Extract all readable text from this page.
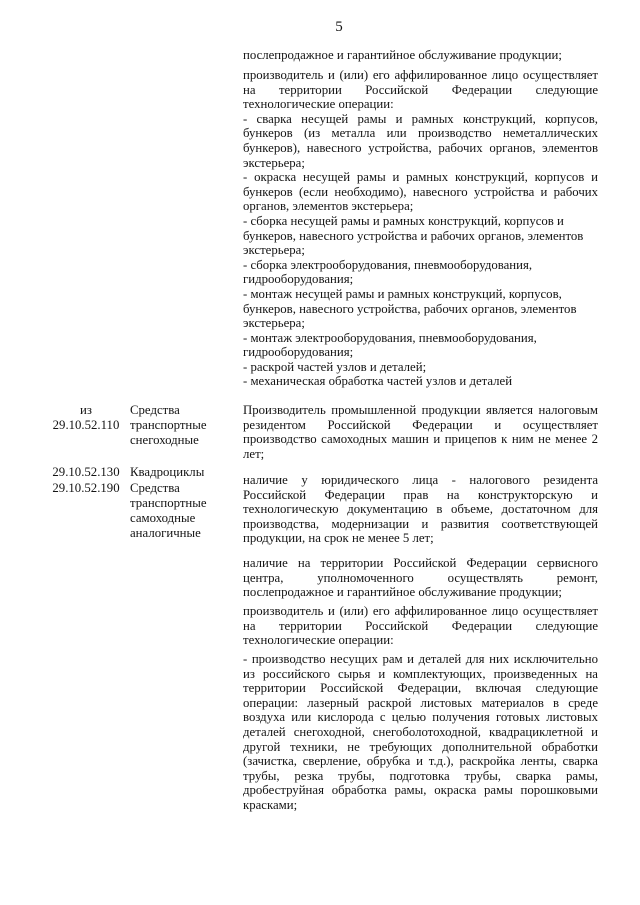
5
послепродажное и гарантийное обслуживание продукции;
производитель и (или) его аффилированное лицо осуществляет
на территории Российской Федерации следующие
технологические операции:
- сварка несущей рамы и рамных конструкций, корпусов,
бункеров (из металла или производство неметаллических
бункеров), навесного устройства, рабочих органов, элементов
экстерьера;
- окраска несущей рамы и рамных конструкций, корпусов и
бункеров (если необходимо), навесного устройства и рабочих
органов, элементов экстерьера;
- сборка несущей рамы и рамных конструкций, корпусов и
бункеров, навесного устройства и рабочих органов, элементов
экстерьера;
- сборка электрооборудования, пневмооборудования,
гидрооборудования;
- монтаж несущей рамы и рамных конструкций, корпусов,
бункеров, навесного устройства, рабочих органов, элементов
экстерьера;
- монтаж электрооборудования, пневмооборудования,
гидрооборудования;
- раскрой частей узлов и деталей;
- механическая обработка частей узлов и деталей
из
29.10.52.110
Средства
транспортные
снегоходные
Производитель промышленной продукции является налоговым
резидентом Российской Федерации и осуществляет
производство самоходных машин и прицепов к ним не менее 2
лет;
29.10.52.130 Квадроциклы
29.10.52.190 Средства
транспортные
самоходные
аналогичные
наличие у юридического лица - налогового резидента
Российской Федерации прав на конструкторскую и
технологическую документацию в объеме, достаточном для
производства, модернизации и развития соответствующей
продукции, на срок не менее 5 лет;
наличие на территории Российской Федерации сервисного
центра, уполномоченного осуществлять ремонт,
послепродажное и гарантийное обслуживание продукции;
производитель и (или) его аффилированное лицо осуществляет
на территории Российской Федерации следующие
технологические операции:
- производство несущих рам и деталей для них исключительно
из российского сырья и комплектующих, произведенных на
территории Российской Федерации, включая следующие
операции: лазерный раскрой листовых материалов в среде
воздуха или кислорода с целью получения готовых листовых
деталей снегоходной, снегоболотоходной, квадрациклетной и
другой техники, не требующих дополнительной обработки
(зачистка, сверление, обрубка и т.д.), раскройка ленты, сварка
трубы, резка трубы, подготовка трубы, сварка рамы,
дробеструйная обработка рамы, окраска рамы порошковыми
красками;
